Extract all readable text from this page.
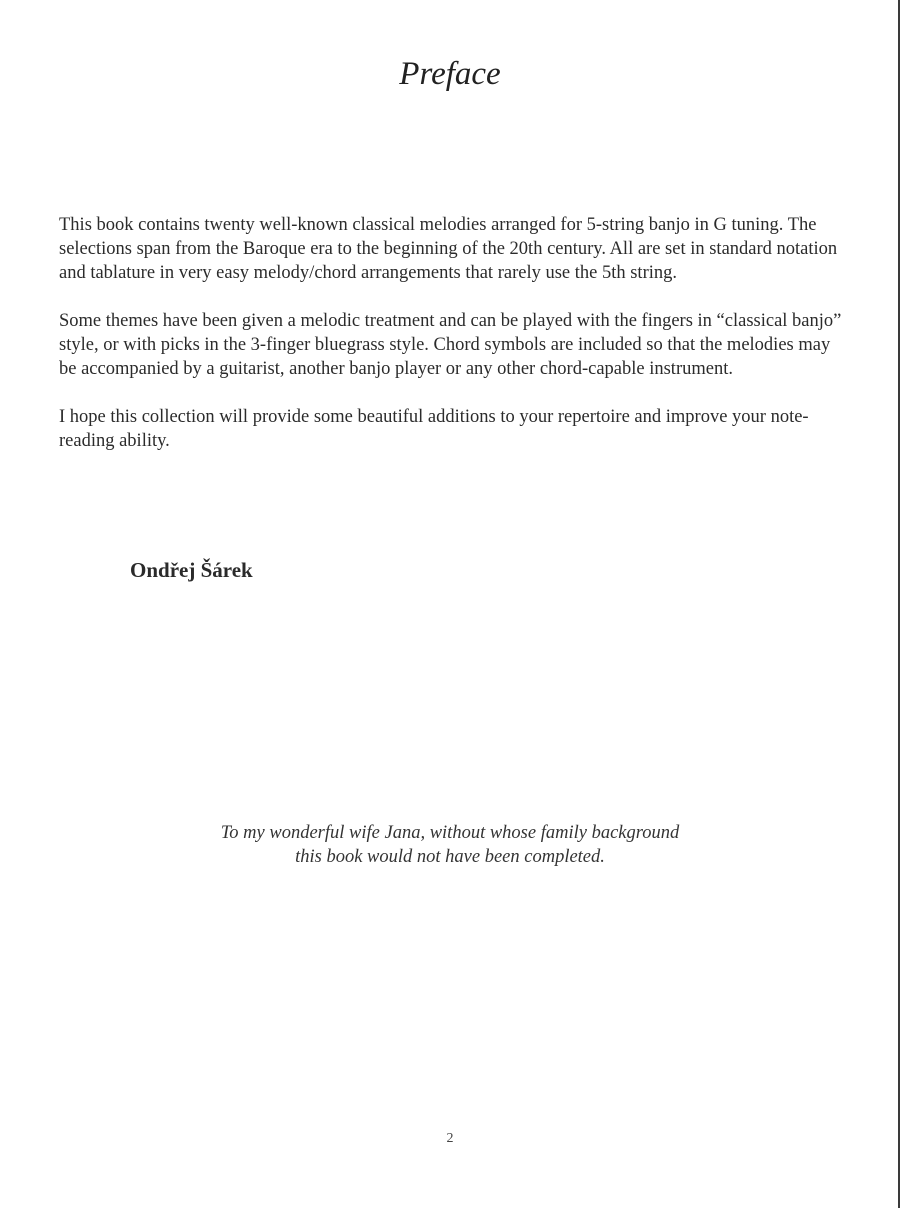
Preface

This book contains twenty well-known classical melodies arranged for 5-string banjo in G tuning. The selections span from the Baroque era to the beginning of the 20th century. All are set in standard notation and tablature in very easy melody/chord arrangements that rarely use the 5th string.

Some themes have been given a melodic treatment and can be played with the fingers in “classical banjo” style, or with picks in the 3-finger bluegrass style. Chord symbols are included so that the melodies may be accompanied by a guitarist, another banjo player or any other chord-capable instrument.

I hope this collection will provide some beautiful additions to your repertoire and improve your note-reading ability.

Ondřej Šárek

To my wonderful wife Jana, without whose family background
this book would not have been completed.
2
